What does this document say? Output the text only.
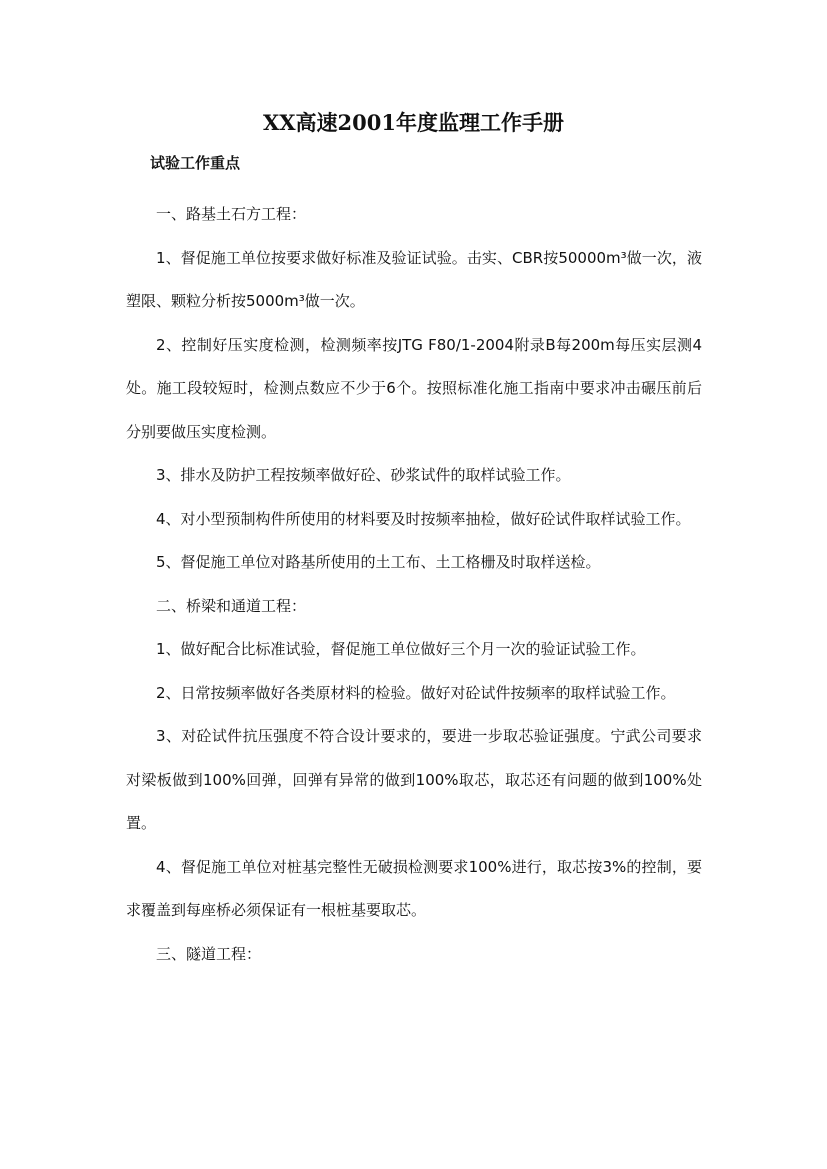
XX高速2001年度监理工作手册
试验工作重点

一、路基土石方工程：

1、督促施工单位按要求做好标准及验证试验。击实、CBR按50000m³做一次，液塑限、颗粒分析按5000m³做一次。

2、控制好压实度检测，检测频率按JTG F80/1-2004附录B每200m每压实层测4处。施工段较短时，检测点数应不少于6个。按照标准化施工指南中要求冲击碾压前后分别要做压实度检测。

3、排水及防护工程按频率做好砼、砂浆试件的取样试验工作。

4、对小型预制构件所使用的材料要及时按频率抽检，做好砼试件取样试验工作。

5、督促施工单位对路基所使用的土工布、土工格栅及时取样送检。

二、桥梁和通道工程：

1、做好配合比标准试验，督促施工单位做好三个月一次的验证试验工作。

2、日常按频率做好各类原材料的检验。做好对砼试件按频率的取样试验工作。

3、对砼试件抗压强度不符合设计要求的，要进一步取芯验证强度。宁武公司要求对梁板做到100%回弹，回弹有异常的做到100%取芯，取芯还有问题的做到100%处置。

4、督促施工单位对桩基完整性无破损检测要求100%进行，取芯按3%的控制，要求覆盖到每座桥必须保证有一根桩基要取芯。

三、隧道工程：
